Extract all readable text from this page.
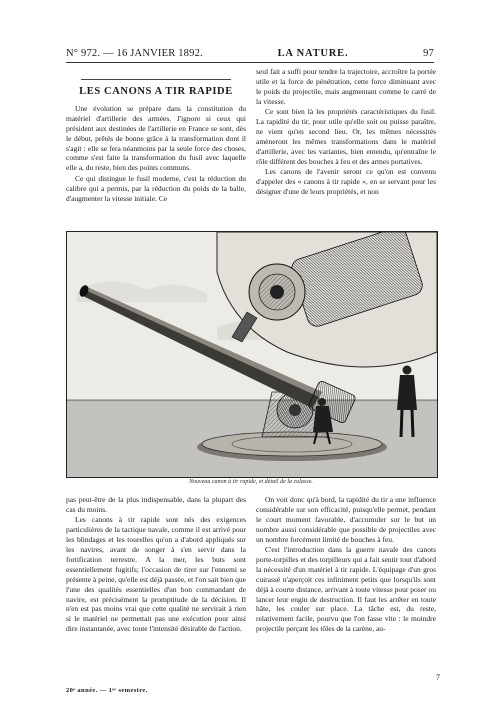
N° 972. — 16 JANVIER 1892.	LA NATURE.	97
LES CANONS A TIR RAPIDE

Une évolution se prépare dans la constitution du matériel d'artillerie des armées. J'ignore si ceux qui président aux destinées de l'artillerie en France se sont, dès le début, prêtés de bonne grâce à la transformation dont il s'agit : elle se fera néanmoins par la seule force des choses, comme s'est faite la transformation du fusil avec laquelle elle a, du reste, bien des points communs.

Ce qui distingue le fusil moderne, c'est la réduction du calibre qui a permis, par la réduction du poids de la balle, d'augmenter la vitesse initiale. Ce

seul fait a suffi pour tendre la trajectoire, accroître la portée utile et la force de pénétration, cette force diminuant avec le poids du projectile, mais augmentant comme le carré de la vitesse.

Ce sont bien là les propriétés caractéristiques du fusil. La rapidité du tir, pour utile qu'elle soit ou puisse paraître, ne vient qu'en second lieu. Or, les mêmes nécessités amèneront les mêmes transformations dans le matériel d'artillerie, avec les variantes, bien entendu, qu'entraîne le rôle différent des bouches à feu et des armes portatives.

Les canons de l'avenir seront ce qu'on est convenu d'appeler des « canons à tir rapide », en se servant pour les désigner d'une de leurs propriétés, et non

Nouveau canon à tir rapide, et détail de la culasse.

pas peut-être de la plus indispensable, dans la plupart des cas du moins.

Les canons à tir rapide sont nés des exigences particulières de la tactique navale, comme il est arrivé pour les blindages et les tourelles qu'on a d'abord appliqués sur les navires, avant de songer à s'en servir dans la fortification terrestre. A la mer, les buts sont essentiellement fugitifs; l'occasion de tirer sur l'ennemi se présente à peine, qu'elle est déjà passée, et l'on sait bien que l'une des qualités essentielles d'un bon commandant de navire, est précisément la promptitude de la décision. Il n'en est pas moins vrai que cette qualité ne servirait à rien si le matériel ne permettait pas une exécution pour ainsi dire instantanée, avec toute l'intensité désirable de l'action.

On voit donc qu'à bord, la rapidité du tir a une influence considérable sur son efficacité, puisqu'elle permet, pendant le court moment favorable, d'accumuler sur le but un nombre aussi considérable que possible de projectiles avec un nombre forcément limité de bouches à feu.

C'est l'introduction dans la guerre navale des canots porte-torpilles et des torpilleurs qui a fait sentir tout d'abord la nécessité d'un matériel à tir rapide. L'équipage d'un gros cuirassé n'aperçoit ces infiniment petits que lorsqu'ils sont déjà à courte distance, arrivant à toute vitesse pour poser ou lancer leur engin de destruction. Il faut les arrêter en toute hâte, les couler sur place. La tâche est, du reste, relativement facile, pourvu que l'on fasse vite : le moindre projectile perçant les tôles de la carène, au-

7
20ᵉ année. — 1ᵉʳ semestre.
